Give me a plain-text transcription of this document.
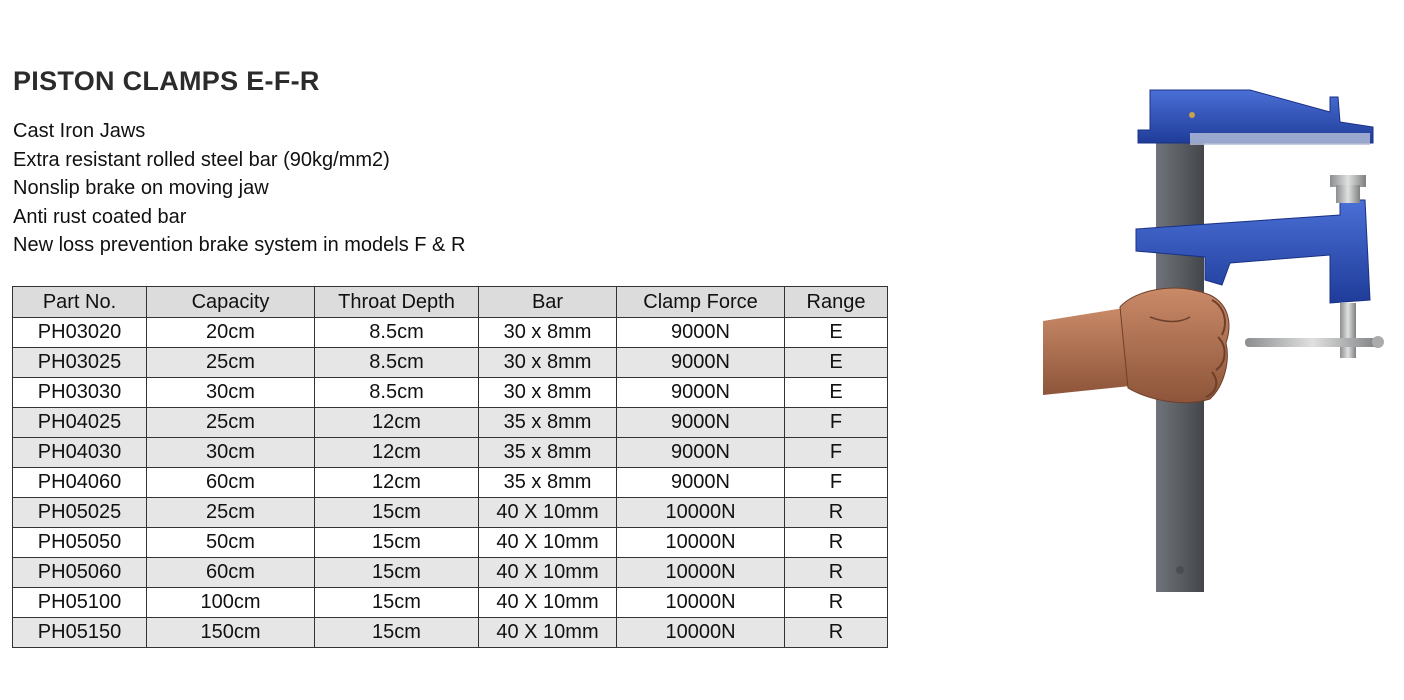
PISTON CLAMPS E-F-R
Cast Iron Jaws
Extra resistant rolled steel bar (90kg/mm2)
Nonslip brake on moving jaw
Anti rust coated bar
New loss prevention brake system in models F & R
Part No.	Capacity	Throat Depth	Bar	Clamp Force	Range
PH03020	20cm	8.5cm	30 x 8mm	9000N	E
PH03025	25cm	8.5cm	30 x 8mm	9000N	E
PH03030	30cm	8.5cm	30 x 8mm	9000N	E
PH04025	25cm	12cm	35 x 8mm	9000N	F
PH04030	30cm	12cm	35 x 8mm	9000N	F
PH04060	60cm	12cm	35 x 8mm	9000N	F
PH05025	25cm	15cm	40 X 10mm	10000N	R
PH05050	50cm	15cm	40 X 10mm	10000N	R
PH05060	60cm	15cm	40 X 10mm	10000N	R
PH05100	100cm	15cm	40 X 10mm	10000N	R
PH05150	150cm	15cm	40 X 10mm	10000N	R
